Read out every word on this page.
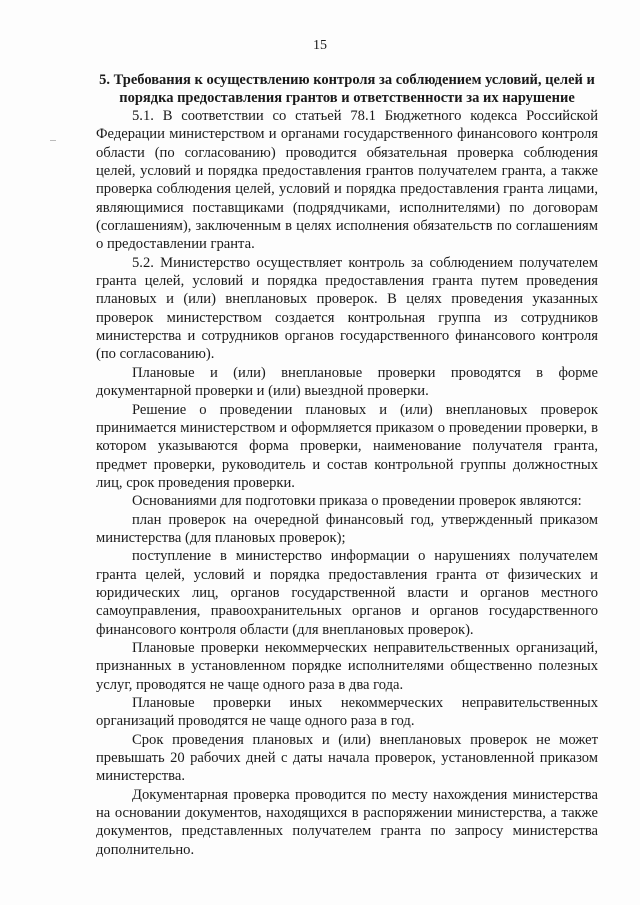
15
5. Требования к осуществлению контроля за соблюдением условий, целей и порядка предоставления грантов и ответственности за их нарушение

5.1. В соответствии со статьей 78.1 Бюджетного кодекса Российской Федерации министерством и органами государственного финансового контроля области (по согласованию) проводится обязательная проверка соблюдения целей, условий и порядка предоставления грантов получателем гранта, а также проверка соблюдения целей, условий и порядка предоставления гранта лицами, являющимися поставщиками (подрядчиками, исполнителями) по договорам (соглашениям), заключенным в целях исполнения обязательств по соглашениям о предоставлении гранта.

5.2. Министерство осуществляет контроль за соблюдением получателем гранта целей, условий и порядка предоставления гранта путем проведения плановых и (или) внеплановых проверок. В целях проведения указанных проверок министерством создается контрольная группа из сотрудников министерства и сотрудников органов государственного финансового контроля (по согласованию).

Плановые и (или) внеплановые проверки проводятся в форме документарной проверки и (или) выездной проверки.

Решение о проведении плановых и (или) внеплановых проверок принимается министерством и оформляется приказом о проведении проверки, в котором указываются форма проверки, наименование получателя гранта, предмет проверки, руководитель и состав контрольной группы должностных лиц, срок проведения проверки.

Основаниями для подготовки приказа о проведении проверок являются:

план проверок на очередной финансовый год, утвержденный приказом министерства (для плановых проверок);

поступление в министерство информации о нарушениях получателем гранта целей, условий и порядка предоставления гранта от физических и юридических лиц, органов государственной власти и органов местного самоуправления, правоохранительных органов и органов государственного финансового контроля области (для внеплановых проверок).

Плановые проверки некоммерческих неправительственных организаций, признанных в установленном порядке исполнителями общественно полезных услуг, проводятся не чаще одного раза в два года.

Плановые проверки иных некоммерческих неправительственных организаций проводятся не чаще одного раза в год.

Срок проведения плановых и (или) внеплановых проверок не может превышать 20 рабочих дней с даты начала проверок, установленной приказом министерства.

Документарная проверка проводится по месту нахождения министерства на основании документов, находящихся в распоряжении министерства, а также документов, представленных получателем гранта по запросу министерства дополнительно.
